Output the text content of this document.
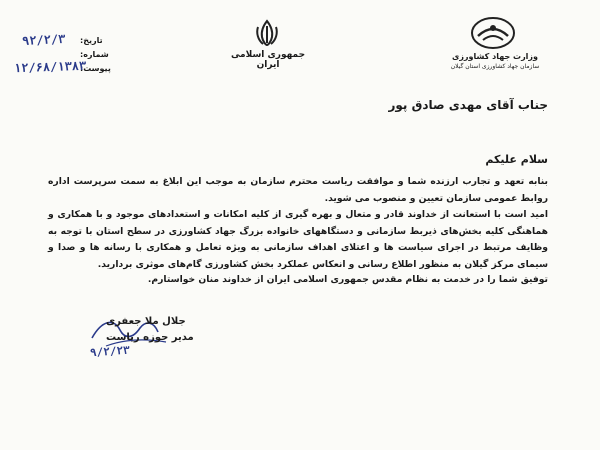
جمهوری اسلامی ایران
وزارت جهاد کشاورزی
سازمان جهاد کشاورزی استان گیلان
تاریخ:
شماره:
پیوست:
۹۲/۲/۳
۱۲/۶۸/۱۳۸۳
جناب آقای مهدی صادق پور
سلام علیکم
بنابه تعهد و تجارب ارزنده شما و موافقت ریاست محترم سازمان به موجب این ابلاغ به سمت سرپرست اداره روابط عمومی سازمان تعیین و منصوب می شوید.
امید است با استعانت از خداوند قادر و متعال و بهره گیری از کلیه امکانات و استعدادهای موجود و با همکاری و هماهنگی کلیه بخش‌های ذیربط سازمانی و دستگاههای خانواده بزرگ جهاد کشاورزی در سطح استان با توجه به وظایف مرتبط در اجرای سیاست ها و اعتلای اهداف سازمانی به ویژه تعامل و همکاری با رسانه ها و صدا و سیمای مرکز گیلان به منظور اطلاع رسانی و انعکاس عملکرد بخش کشاورزی گام‌های موثری بردارید.
توفیق شما را در خدمت به نظام مقدس جمهوری اسلامی ایران از خداوند منان خواستارم.
جلال ملا جعفری
مدیر حوزه ریاست
۹/۲/۲۳
